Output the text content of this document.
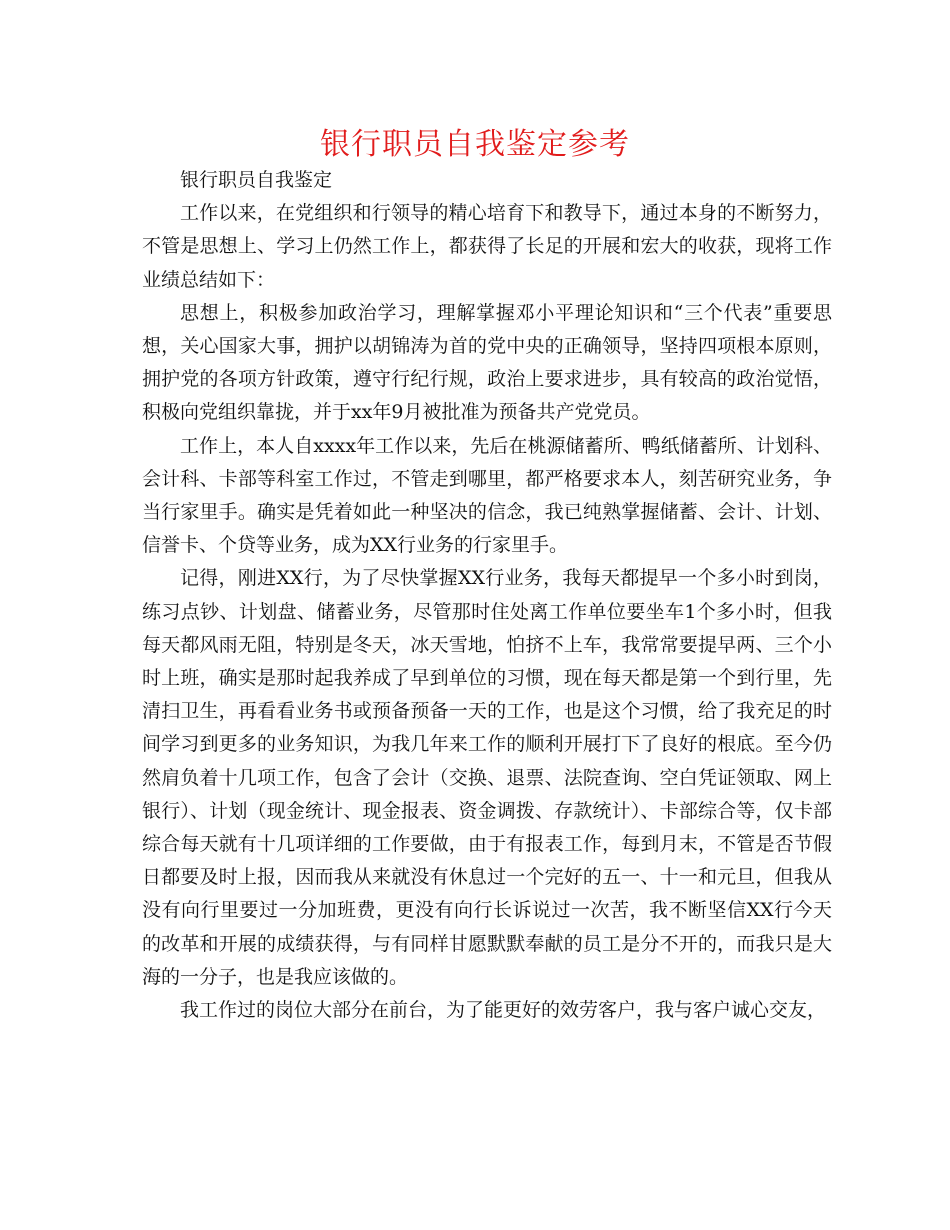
银行职员自我鉴定参考

银行职员自我鉴定

工作以来，在党组织和行领导的精心培育下和教导下，通过本身的不断努力，不管是思想上、学习上仍然工作上，都获得了长足的开展和宏大的收获，现将工作业绩总结如下：

思想上，积极参加政治学习，理解掌握邓小平理论知识和“三个代表”重要思想，关心国家大事，拥护以胡锦涛为首的党中央的正确领导，坚持四项根本原则，拥护党的各项方针政策，遵守行纪行规，政治上要求进步，具有较高的政治觉悟，积极向党组织靠拢，并于xx年9月被批准为预备共产党党员。

工作上，本人自xxxx年工作以来，先后在桃源储蓄所、鸭纸储蓄所、计划科、会计科、卡部等科室工作过，不管走到哪里，都严格要求本人，刻苦研究业务，争当行家里手。确实是凭着如此一种坚决的信念，我已纯熟掌握储蓄、会计、计划、信誉卡、个贷等业务，成为XX行业务的行家里手。

记得，刚进XX行，为了尽快掌握XX行业务，我每天都提早一个多小时到岗，练习点钞、计划盘、储蓄业务，尽管那时住处离工作单位要坐车1个多小时，但我每天都风雨无阻，特别是冬天，冰天雪地，怕挤不上车，我常常要提早两、三个小时上班，确实是那时起我养成了早到单位的习惯，现在每天都是第一个到行里，先清扫卫生，再看看业务书或预备预备一天的工作，也是这个习惯，给了我充足的时间学习到更多的业务知识，为我几年来工作的顺利开展打下了良好的根底。至今仍然肩负着十几项工作，包含了会计（交换、退票、法院查询、空白凭证领取、网上银行）、计划（现金统计、现金报表、资金调拨、存款统计）、卡部综合等，仅卡部综合每天就有十几项详细的工作要做，由于有报表工作，每到月末，不管是否节假日都要及时上报，因而我从来就没有休息过一个完好的五一、十一和元旦，但我从没有向行里要过一分加班费，更没有向行长诉说过一次苦，我不断坚信XX行今天的改革和开展的成绩获得，与有同样甘愿默默奉献的员工是分不开的，而我只是大海的一分子，也是我应该做的。

我工作过的岗位大部分在前台，为了能更好的效劳客户，我与客户诚心交友，
